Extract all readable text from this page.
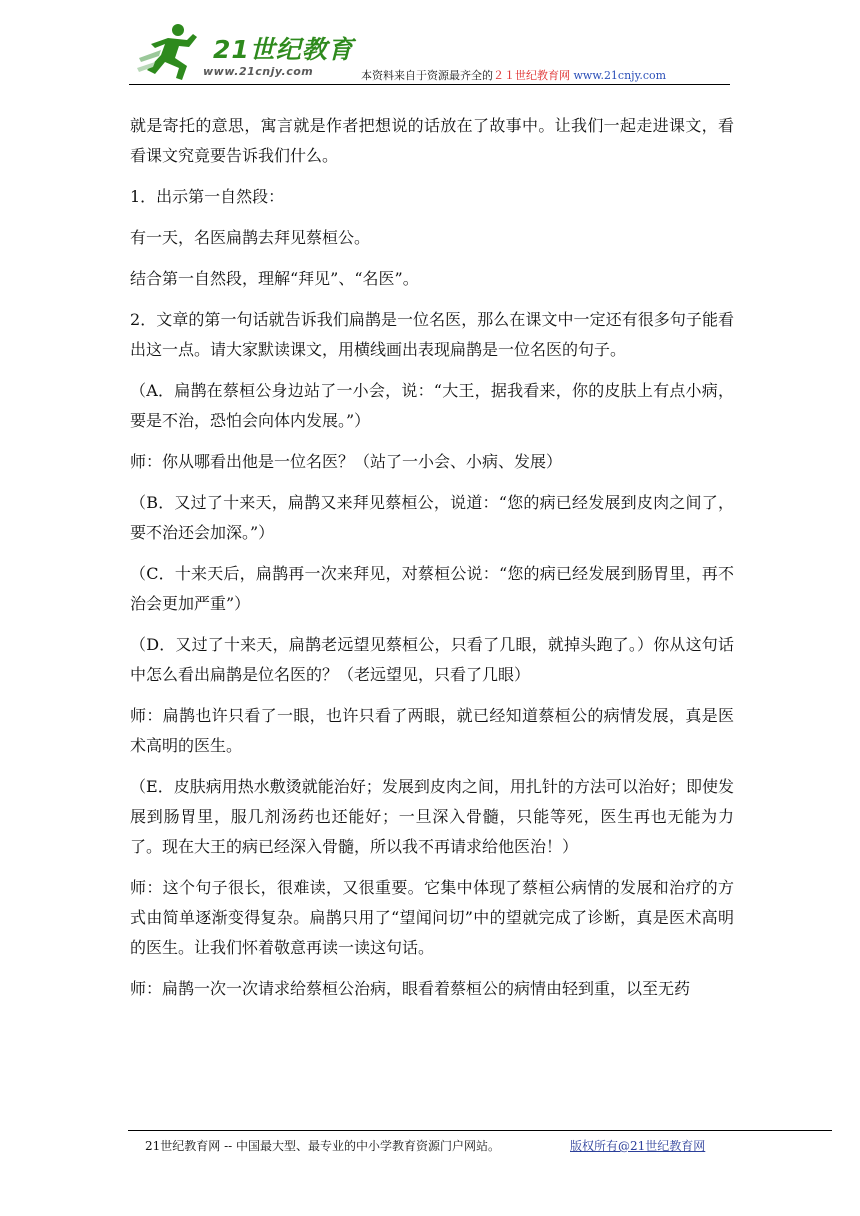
21世纪教育
www.21cnjy.com	本资料来自于资源最齐全的２１世纪教育网 www.21cnjy.com

就是寄托的意思，寓言就是作者把想说的话放在了故事中。让我们一起走进课文，看看课文究竟要告诉我们什么。

1．出示第一自然段：

有一天，名医扁鹊去拜见蔡桓公。

结合第一自然段，理解“拜见”、“名医”。

2．文章的第一句话就告诉我们扁鹊是一位名医，那么在课文中一定还有很多句子能看出这一点。请大家默读课文，用横线画出表现扁鹊是一位名医的句子。

（A．扁鹊在蔡桓公身边站了一小会，说：“大王，据我看来，你的皮肤上有点小病，要是不治，恐怕会向体内发展。”）

师：你从哪看出他是一位名医？（站了一小会、小病、发展）

（B．又过了十来天，扁鹊又来拜见蔡桓公，说道：“您的病已经发展到皮肉之间了，要不治还会加深。”）

（C．十来天后，扁鹊再一次来拜见，对蔡桓公说：“您的病已经发展到肠胃里，再不治会更加严重”）

（D．又过了十来天，扁鹊老远望见蔡桓公，只看了几眼，就掉头跑了。）你从这句话中怎么看出扁鹊是位名医的？（老远望见，只看了几眼）

师：扁鹊也许只看了一眼，也许只看了两眼，就已经知道蔡桓公的病情发展，真是医术高明的医生。

（E．皮肤病用热水敷烫就能治好；发展到皮肉之间，用扎针的方法可以治好；即使发展到肠胃里，服几剂汤药也还能好；一旦深入骨髓，只能等死，医生再也无能为力了。现在大王的病已经深入骨髓，所以我不再请求给他医治！）

师：这个句子很长，很难读，又很重要。它集中体现了蔡桓公病情的发展和治疗的方式由简单逐渐变得复杂。扁鹊只用了“望闻问切”中的望就完成了诊断，真是医术高明的医生。让我们怀着敬意再读一读这句话。

师：扁鹊一次一次请求给蔡桓公治病，眼看着蔡桓公的病情由轻到重，以至无药

21世纪教育网 -- 中国最大型、最专业的中小学教育资源门户网站。	版权所有@21世纪教育网
